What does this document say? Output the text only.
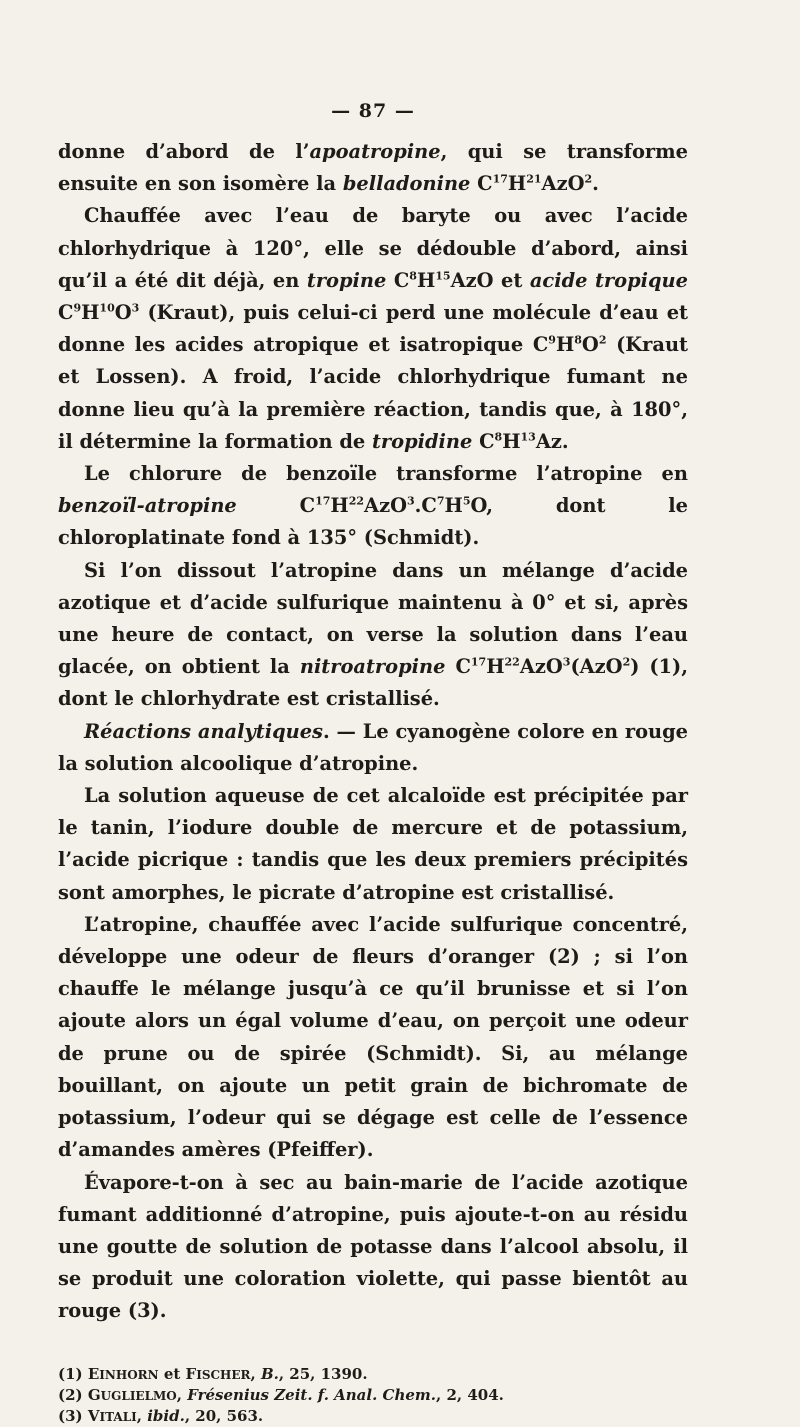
— 87 —

donne d’abord de l’apoatropine, qui se transforme ensuite en son isomère la belladonine $C^{17}H^{21}AzO^2$.

Chauffée avec l’eau de baryte ou avec l’acide chlorhydrique à 120°, elle se dédouble d’abord, ainsi qu’il a été dit déjà, en tropine $C^8H^{15}AzO$ et acide tropique $C^9H^{10}O^3$ (Kraut), puis celui-ci perd une molécule d’eau et donne les acides atropique et isatropique $C^9H^8O^2$ (Kraut et Lossen). A froid, l’acide chlorhydrique fumant ne donne lieu qu’à la première réaction, tandis que, à 180°, il détermine la formation de tropidine $C^8H^{13}Az$.

Le chlorure de benzoïle transforme l’atropine en benzoïl-atropine $C^{17}H^{22}AzO^3.C^7H^5O$, dont le chloroplatinate fond à 135° (Schmidt).

Si l’on dissout l’atropine dans un mélange d’acide azotique et d’acide sulfurique maintenu à 0° et si, après une heure de contact, on verse la solution dans l’eau glacée, on obtient la nitroatropine $C^{17}H^{22}AzO^3(AzO^2)$ (1), dont le chlorhydrate est cristallisé.

Réactions analytiques. — Le cyanogène colore en rouge la solution alcoolique d’atropine.

La solution aqueuse de cet alcaloïde est précipitée par le tanin, l’iodure double de mercure et de potassium, l’acide picrique : tandis que les deux premiers précipités sont amorphes, le picrate d’atropine est cristallisé.

L’atropine, chauffée avec l’acide sulfurique concentré, développe une odeur de fleurs d’oranger (2) ; si l’on chauffe le mélange jusqu’à ce qu’il brunisse et si l’on ajoute alors un égal volume d’eau, on perçoit une odeur de prune ou de spirée (Schmidt). Si, au mélange bouillant, on ajoute un petit grain de bichromate de potassium, l’odeur qui se dégage est celle de l’essence d’amandes amères (Pfeiffer).

Évapore-t-on à sec au bain-marie de l’acide azotique fumant additionné d’atropine, puis ajoute-t-on au résidu une goutte de solution de potasse dans l’alcool absolu, il se produit une coloration violette, qui passe bientôt au rouge (3).

(1) EINHORN et FISCHER, B., 25, 1390.

(2) GUGLIELMO, Frésenius Zeit. f. Anal. Chem., 2, 404.

(3) VITALI, ibid., 20, 563.
